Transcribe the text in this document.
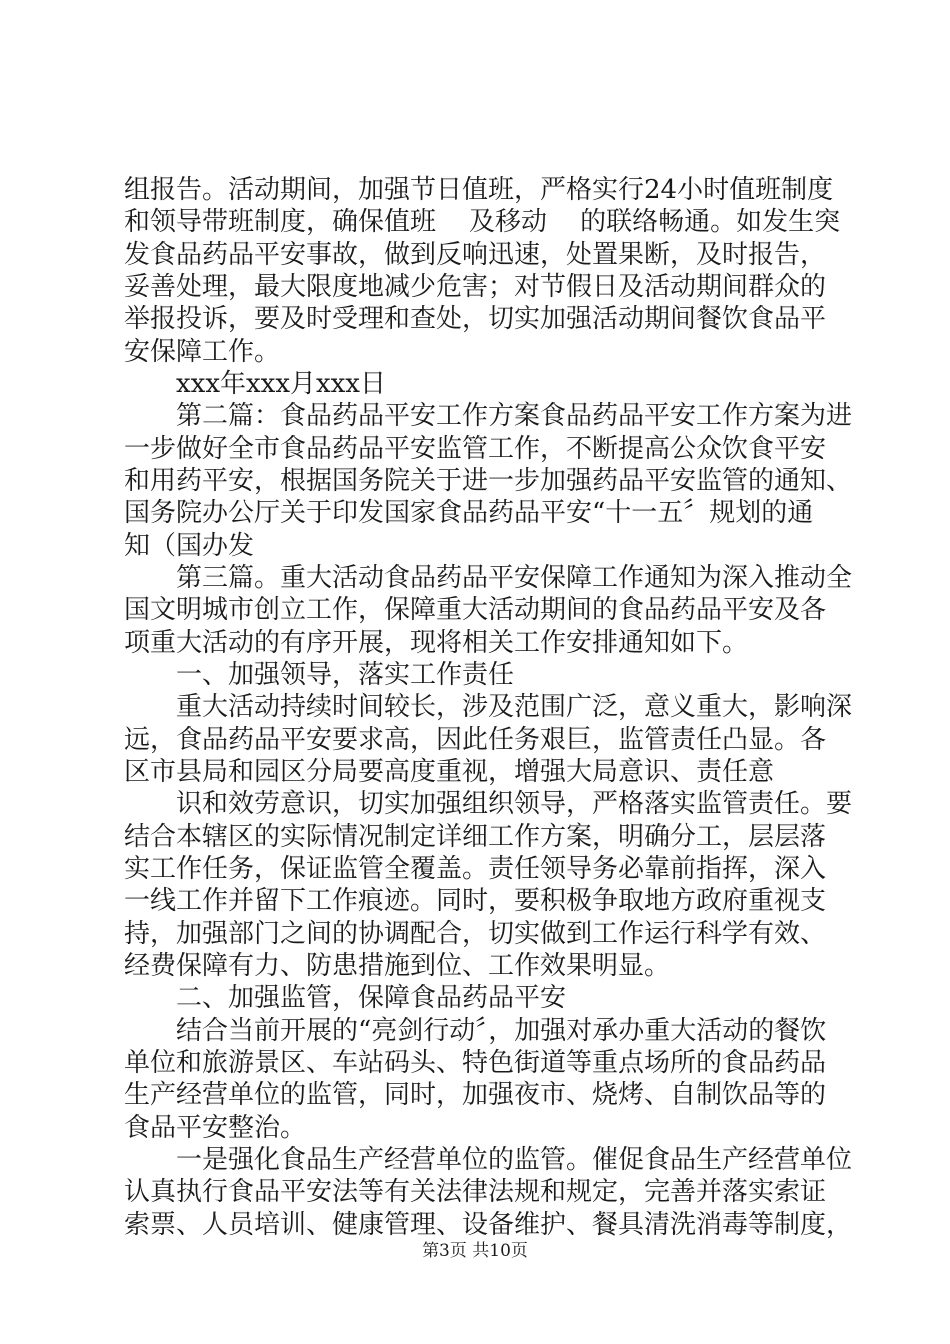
组报告。活动期间，加强节日值班，严格实行24小时值班制度
和领导带班制度，确保值班    及移动    的联络畅通。如发生突
发食品药品平安事故，做到反响迅速，处置果断，及时报告，
妥善处理，最大限度地减少危害；对节假日及活动期间群众的
举报投诉，要及时受理和查处，切实加强活动期间餐饮食品平
安保障工作。
xxx年xxx月xxx日
第二篇：食品药品平安工作方案食品药品平安工作方案为进
一步做好全市食品药品平安监管工作，不断提高公众饮食平安
和用药平安，根据国务院关于进一步加强药品平安监管的通知、
国务院办公厅关于印发国家食品药品平安“十一五〞规划的通
知（国办发
第三篇。重大活动食品药品平安保障工作通知为深入推动全
国文明城市创立工作，保障重大活动期间的食品药品平安及各
项重大活动的有序开展，现将相关工作安排通知如下。
一、加强领导，落实工作责任
重大活动持续时间较长，涉及范围广泛，意义重大，影响深
远，食品药品平安要求高，因此任务艰巨，监管责任凸显。各
区市县局和园区分局要高度重视，增强大局意识、责任意
识和效劳意识，切实加强组织领导，严格落实监管责任。要
结合本辖区的实际情况制定详细工作方案，明确分工，层层落
实工作任务，保证监管全覆盖。责任领导务必靠前指挥，深入
一线工作并留下工作痕迹。同时，要积极争取地方政府重视支
持，加强部门之间的协调配合，切实做到工作运行科学有效、
经费保障有力、防患措施到位、工作效果明显。
二、加强监管，保障食品药品平安
结合当前开展的“亮剑行动〞，加强对承办重大活动的餐饮
单位和旅游景区、车站码头、特色街道等重点场所的食品药品
生产经营单位的监管，同时，加强夜市、烧烤、自制饮品等的
食品平安整治。
一是强化食品生产经营单位的监管。催促食品生产经营单位
认真执行食品平安法等有关法律法规和规定，完善并落实索证
索票、人员培训、健康管理、设备维护、餐具清洗消毒等制度，
第3页 共10页
